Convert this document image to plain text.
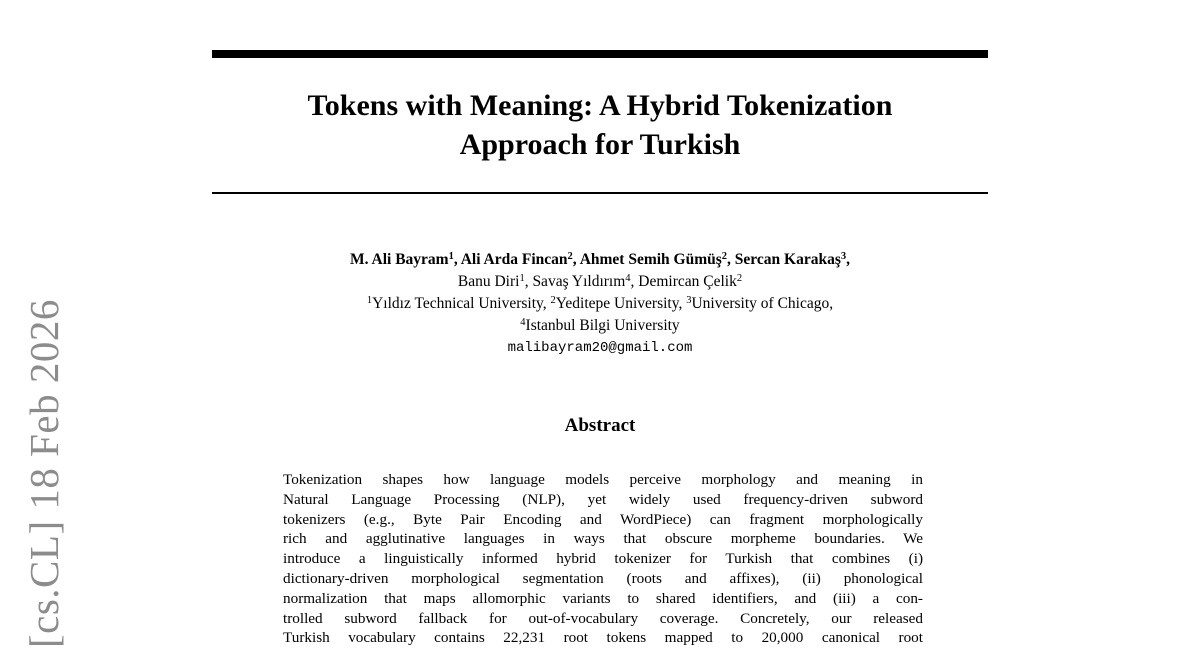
[cs.CL] 18 Feb 2026
Tokens with Meaning: A Hybrid Tokenization
Approach for Turkish
M. Ali Bayram$^1$, Ali Arda Fincan$^2$, Ahmet Semih Gümüş$^2$, Sercan Karakaş$^3$,
Banu Diri$^1$, Savaş Yıldırım$^4$, Demircan Çelik$^2$
$^1$Yıldız Technical University, $^2$Yeditepe University, $^3$University of Chicago,
$^4$Istanbul Bilgi University
malibayram20@gmail.com
Abstract
Tokenization shapes how language models perceive morphology and meaning in
Natural Language Processing (NLP), yet widely used frequency-driven subword
tokenizers (e.g., Byte Pair Encoding and WordPiece) can fragment morphologically
rich and agglutinative languages in ways that obscure morpheme boundaries. We
introduce a linguistically informed hybrid tokenizer for Turkish that combines (i)
dictionary-driven morphological segmentation (roots and affixes), (ii) phonological
normalization that maps allomorphic variants to shared identifiers, and (iii) a con-
trolled subword fallback for out-of-vocabulary coverage. Concretely, our released
Turkish vocabulary contains 22,231 root tokens mapped to 20,000 canonical root
